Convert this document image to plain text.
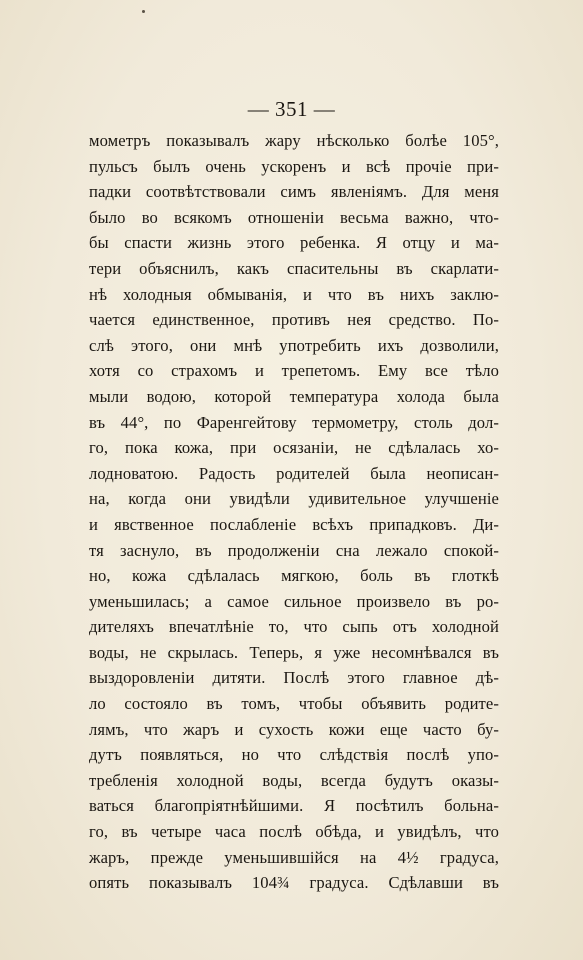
— 351 —
мометръ показывалъ жару нѣсколько болѣе 105°,
пульсъ былъ очень ускоренъ и всѣ прочіе при-
падки соотвѣтствовали симъ явленіямъ. Для меня
было во всякомъ отношеніи весьма важно, что-
бы спасти жизнь этого ребенка. Я отцу и ма-
тери объяснилъ, какъ спасительны въ скарлати-
нѣ холодныя обмыванія, и что въ нихъ заклю-
чается единственное, противъ нея средство. По-
слѣ этого, они мнѣ употребить ихъ дозволили,
хотя со страхомъ и трепетомъ. Ему все тѣло
мыли водою, которой температура холода была
въ 44°, по Фаренгейтову термометру, столь дол-
го, пока кожа, при осязаніи, не сдѣлалась хо-
лодноватою. Радость родителей была неописан-
на, когда они увидѣли удивительное улучшеніе
и явственное послабленіе всѣхъ припадковъ. Ди-
тя заснуло, въ продолженіи сна лежало спокой-
но, кожа сдѣлалась мягкою, боль въ глоткѣ
уменьшилась; а самое сильное произвело въ ро-
дителяхъ впечатлѣніе то, что сыпь отъ холодной
воды, не скрылась. Теперь, я уже несомнѣвался въ
выздоровленіи дитяти. Послѣ этого главное дѣ-
ло состояло въ томъ, чтобы объявить родите-
лямъ, что жаръ и сухость кожи еще часто бу-
дутъ появляться, но что слѣдствія послѣ упо-
требленія холодной воды, всегда будутъ оказы-
ваться благопріятнѣйшими. Я посѣтилъ больна-
го, въ четыре часа послѣ обѣда, и увидѣлъ, что
жаръ, прежде уменьшившійся на 4½ градуса,
опять показывалъ 104¾ градуса. Сдѣлавши въ
